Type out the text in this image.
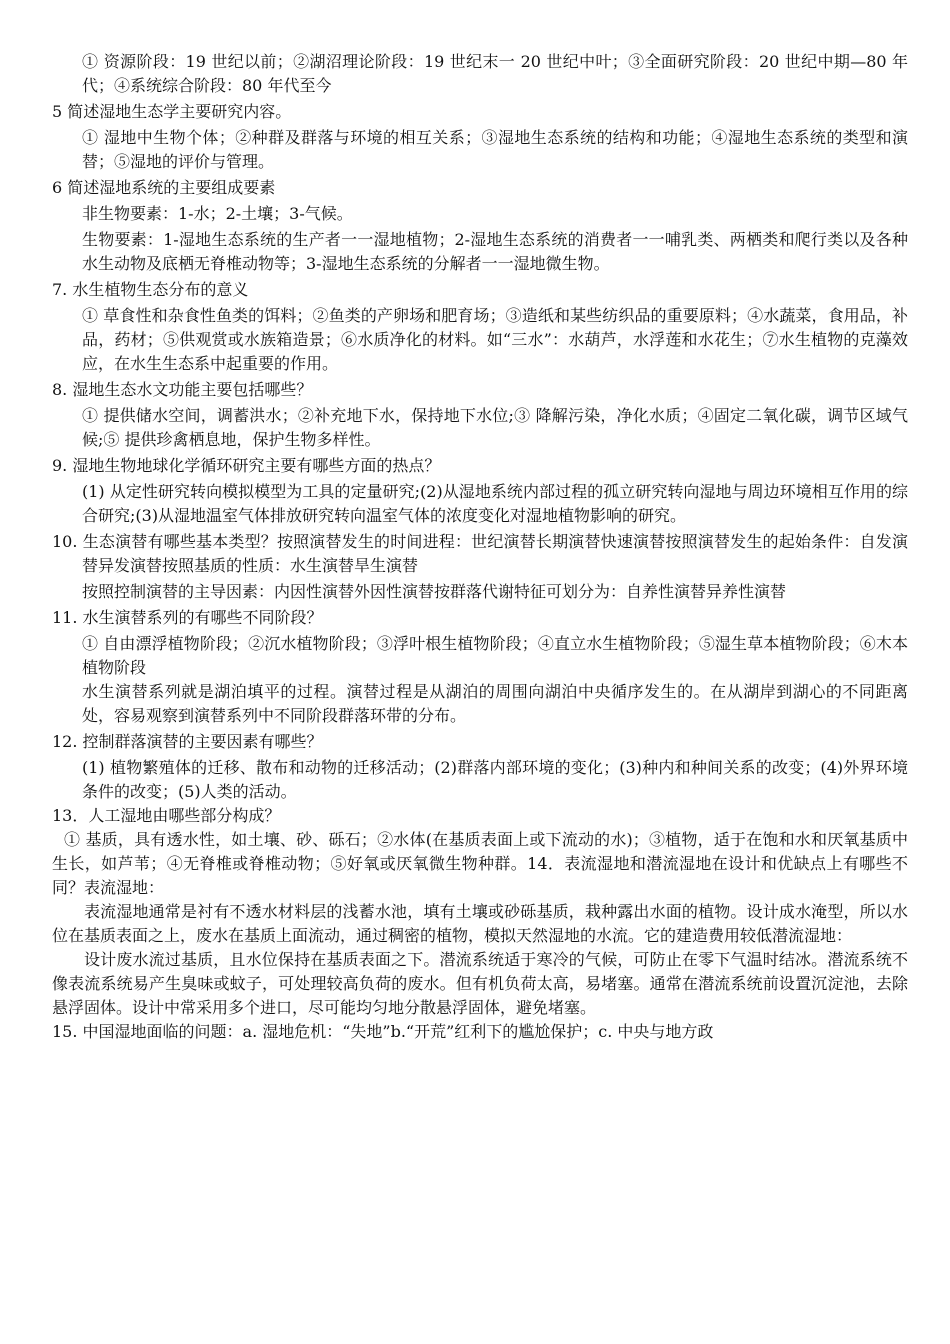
① 资源阶段：19 世纪以前；②湖沼理论阶段：19 世纪末一 20 世纪中叶；③全面研究阶段：20 世纪中期—80 年代；④系统综合阶段：80 年代至今

5 简述湿地生态学主要研究内容。

① 湿地中生物个体；②种群及群落与环境的相互关系；③湿地生态系统的结构和功能；④湿地生态系统的类型和演替；⑤湿地的评价与管理。

6 简述湿地系统的主要组成要素

非生物要素：1-水；2-土壤；3-气候。

生物要素：1-湿地生态系统的生产者一一湿地植物；2-湿地生态系统的消费者一一哺乳类、两栖类和爬行类以及各种水生动物及底栖无脊椎动物等；3-湿地生态系统的分解者一一湿地微生物。

7. 水生植物生态分布的意义

① 草食性和杂食性鱼类的饵料；②鱼类的产卵场和肥育场；③造纸和某些纺织品的重要原料；④水蔬菜，食用品，补品，药材；⑤供观赏或水族箱造景；⑥水质净化的材料。如“三水”：水葫芦，水浮莲和水花生；⑦水生植物的克藻效应，在水生生态系中起重要的作用。

8. 湿地生态水文功能主要包括哪些？

① 提供储水空间，调蓄洪水；②补充地下水，保持地下水位;③ 降解污染，净化水质；④固定二氧化碳，调节区域气候;⑤ 提供珍禽栖息地，保护生物多样性。

9. 湿地生物地球化学循环研究主要有哪些方面的热点？

(1) 从定性研究转向模拟模型为工具的定量研究;(2)从湿地系统内部过程的孤立研究转向湿地与周边环境相互作用的综合研究;(3)从湿地温室气体排放研究转向温室气体的浓度变化对湿地植物影响的研究。

10. 生态演替有哪些基本类型？按照演替发生的时间进程：世纪演替长期演替快速演替按照演替发生的起始条件：自发演替异发演替按照基质的性质：水生演替旱生演替

按照控制演替的主导因素：内因性演替外因性演替按群落代谢特征可划分为：自养性演替异养性演替

11. 水生演替系列的有哪些不同阶段？

① 自由漂浮植物阶段；②沉水植物阶段；③浮叶根生植物阶段；④直立水生植物阶段；⑤湿生草本植物阶段；⑥木本植物阶段

水生演替系列就是湖泊填平的过程。演替过程是从湖泊的周围向湖泊中央循序发生的。在从湖岸到湖心的不同距离处，容易观察到演替系列中不同阶段群落环带的分布。

12. 控制群落演替的主要因素有哪些？

(1) 植物繁殖体的迁移、散布和动物的迁移活动；(2)群落内部环境的变化；(3)种内和种间关系的改变；(4)外界环境条件的改变；(5)人类的活动。

13．人工湿地由哪些部分构成？

① 基质，具有透水性，如土壤、砂、砾石；②水体(在基质表面上或下流动的水)；③植物，适于在饱和水和厌氧基质中生长，如芦苇；④无脊椎或脊椎动物；⑤好氧或厌氧微生物种群。14．表流湿地和潜流湿地在设计和优缺点上有哪些不同？表流湿地：

表流湿地通常是衬有不透水材料层的浅蓄水池，填有土壤或砂砾基质，栽种露出水面的植物。设计成水淹型，所以水位在基质表面之上，废水在基质上面流动，通过稠密的植物，模拟天然湿地的水流。它的建造费用较低潜流湿地：

设计废水流过基质，且水位保持在基质表面之下。潜流系统适于寒冷的气候，可防止在零下气温时结冰。潜流系统不像表流系统易产生臭味或蚊子，可处理较高负荷的废水。但有机负荷太高，易堵塞。通常在潜流系统前设置沉淀池，去除悬浮固体。设计中常采用多个进口，尽可能均匀地分散悬浮固体，避免堵塞。

15. 中国湿地面临的问题：a. 湿地危机：“失地”b.“开荒”红利下的尴尬保护；c. 中央与地方政
